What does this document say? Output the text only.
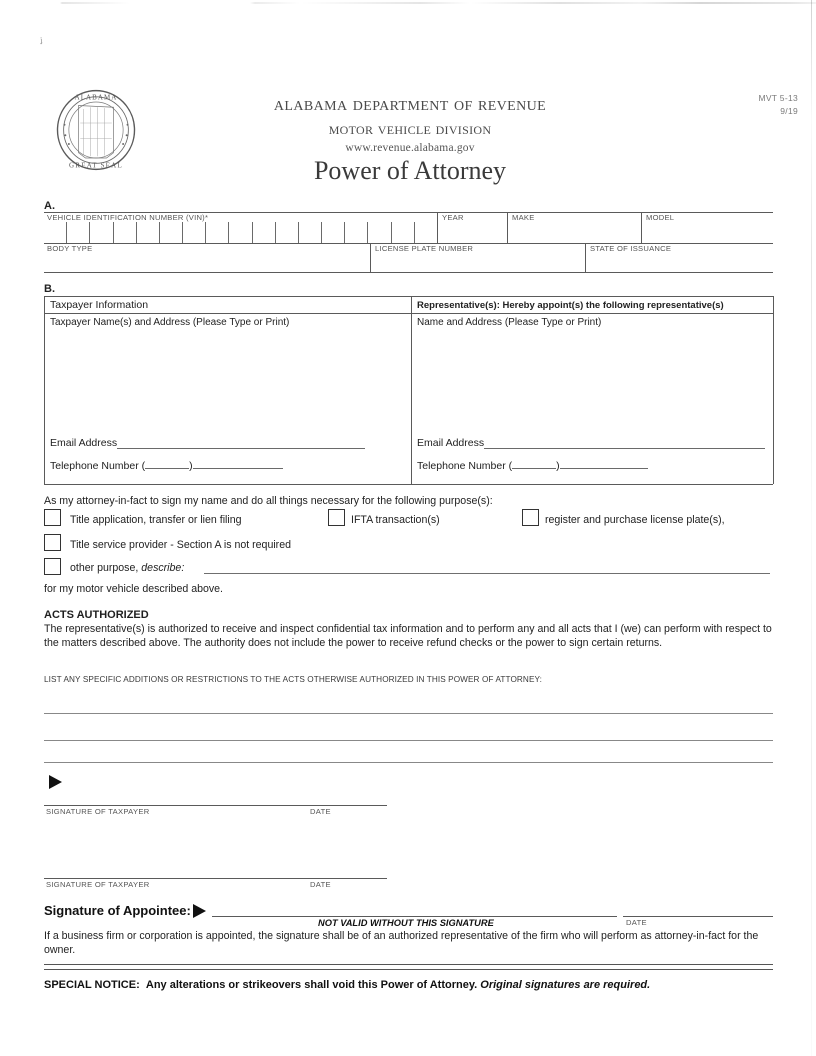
ᶨ
ALABAMA
GREAT SEAL
alabama department of revenue
motor vehicle division
www.revenue.alabama.gov
Power of Attorney
MVT 5-13
9/19
A.
VEHICLE IDENTIFICATION NUMBER (VIN)*	YEAR	MAKE	MODEL
BODY TYPE	LICENSE PLATE NUMBER	STATE OF ISSUANCE
B.
Taxpayer Information	Representative(s): Hereby appoint(s) the following representative(s)
Taxpayer Name(s) and Address (Please Type or Print)	Name and Address (Please Type or Print)
Email Address
Telephone Number (	)
Email Address
Telephone Number (	)
As my attorney-in-fact to sign my name and do all things necessary for the following purpose(s):
Title application, transfer or lien filing	IFTA transaction(s)	register and purchase license plate(s),
Title service provider - Section A is not required
other purpose, describe:
for my motor vehicle described above.
ACTS AUTHORIZED
The representative(s) is authorized to receive and inspect confidential tax information and to perform any and all acts that I (we) can perform with respect to the matters described above. The authority does not include the power to receive refund checks or the power to sign certain returns.
LIST ANY SPECIFIC ADDITIONS OR RESTRICTIONS TO THE ACTS OTHERWISE AUTHORIZED IN THIS POWER OF ATTORNEY:
SIGNATURE OF TAXPAYER	DATE
SIGNATURE OF TAXPAYER	DATE
Signature of Appointee:
NOT VALID WITHOUT THIS SIGNATURE	DATE
If a business firm or corporation is appointed, the signature shall be of an authorized representative of the firm who will perform as attorney-in-fact for the owner.
SPECIAL NOTICE: Any alterations or strikeovers shall void this Power of Attorney. Original signatures are required.
